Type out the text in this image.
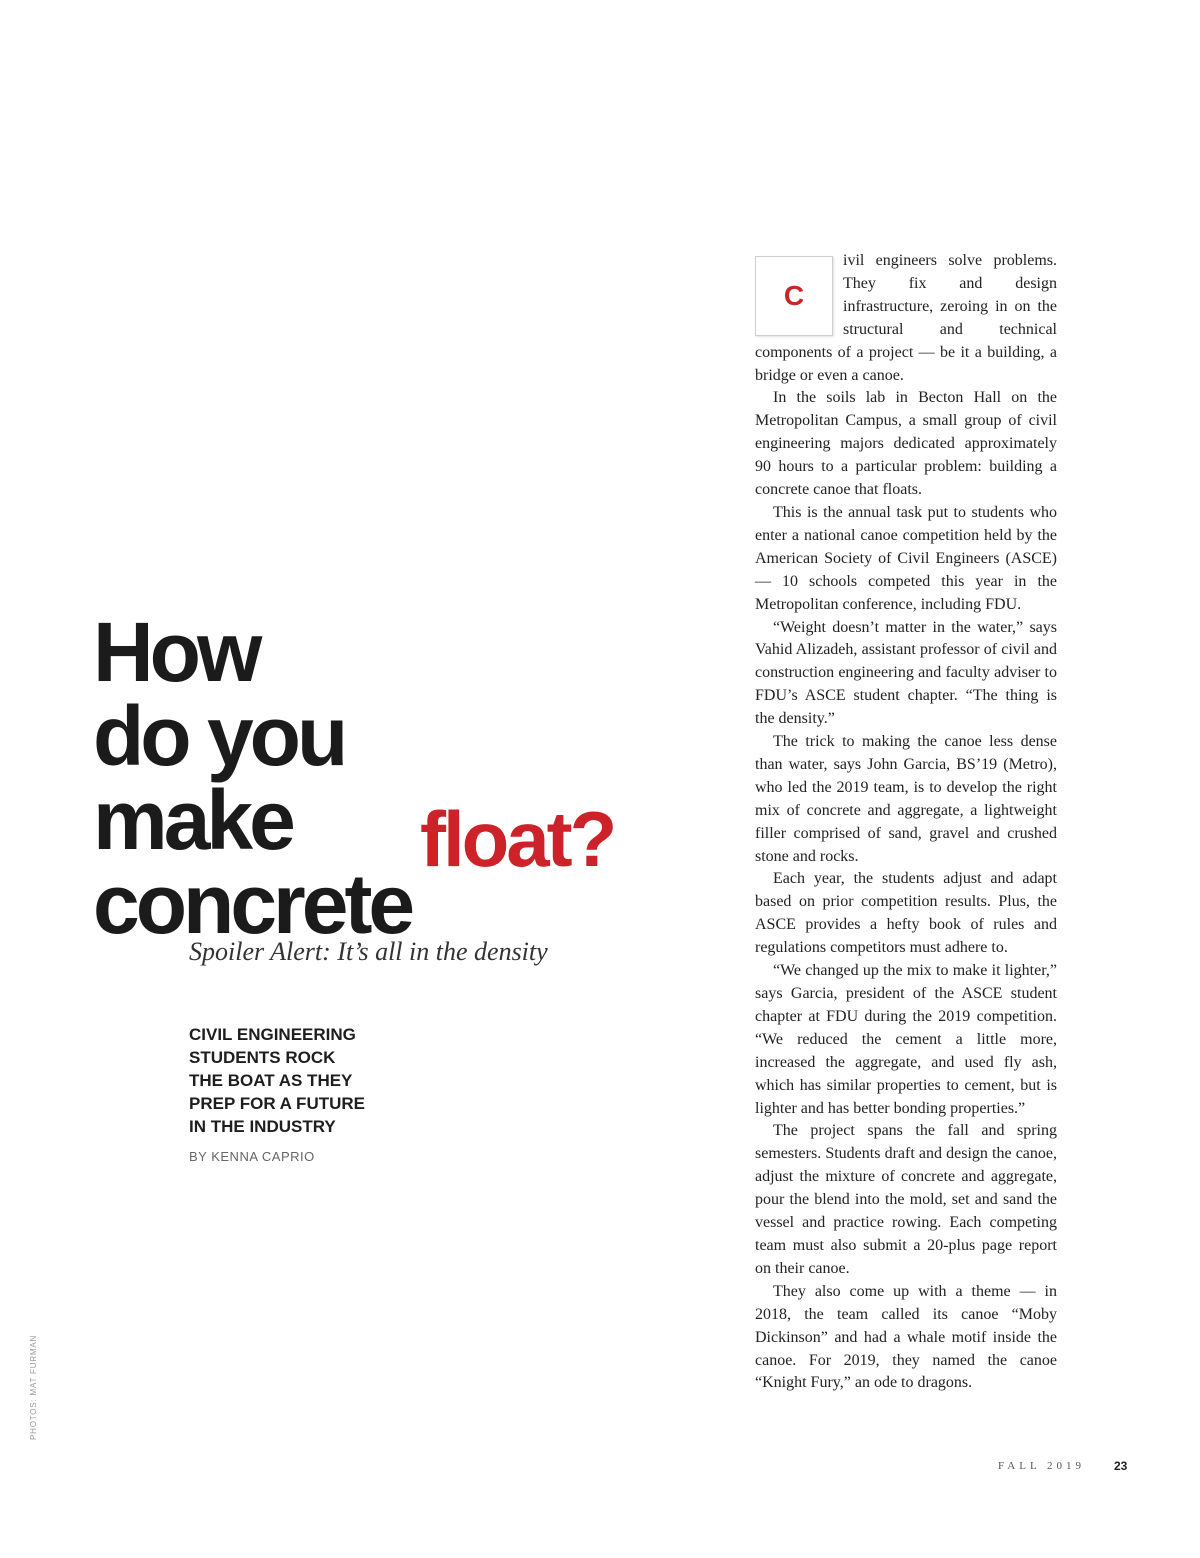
How
do you
make
concrete
float?
Spoiler Alert: It’s all in the density
CIVIL ENGINEERING
STUDENTS ROCK
THE BOAT AS THEY
PREP FOR A FUTURE
IN THE INDUSTRY
BY KENNA CAPRIO
PHOTOS: MAT FURMAN

C
ivil engineers solve problems. They fix and design infrastructure, zeroing in on the structural and technical components of a project — be it a building, a bridge or even a canoe.

In the soils lab in Becton Hall on the Metropolitan Campus, a small group of civil engineering majors dedicated approximately 90 hours to a particular problem: building a concrete canoe that floats.

This is the annual task put to students who enter a national canoe competition held by the American Society of Civil Engineers (ASCE) — 10 schools competed this year in the Metropolitan conference, including FDU.

“Weight doesn’t matter in the water,” says Vahid Alizadeh, assistant professor of civil and construction engineering and faculty adviser to FDU’s ASCE student chapter. “The thing is the density.”

The trick to making the canoe less dense than water, says John Garcia, BS’19 (Metro), who led the 2019 team, is to develop the right mix of concrete and aggregate, a lightweight filler comprised of sand, gravel and crushed stone and rocks.

Each year, the students adjust and adapt based on prior competition results. Plus, the ASCE provides a hefty book of rules and regulations competitors must adhere to.

“We changed up the mix to make it lighter,” says Garcia, president of the ASCE student chapter at FDU during the 2019 competition. “We reduced the cement a little more, increased the aggregate, and used fly ash, which has similar properties to cement, but is lighter and has better bonding properties.”

The project spans the fall and spring semesters. Students draft and design the canoe, adjust the mixture of concrete and aggregate, pour the blend into the mold, set and sand the vessel and practice rowing. Each competing team must also submit a 20-plus page report on their canoe.

They also come up with a theme — in 2018, the team called its canoe “Moby Dickinson” and had a whale motif inside the canoe. For 2019, they named the canoe “Knight Fury,” an ode to dragons.

FALL 2019 23
